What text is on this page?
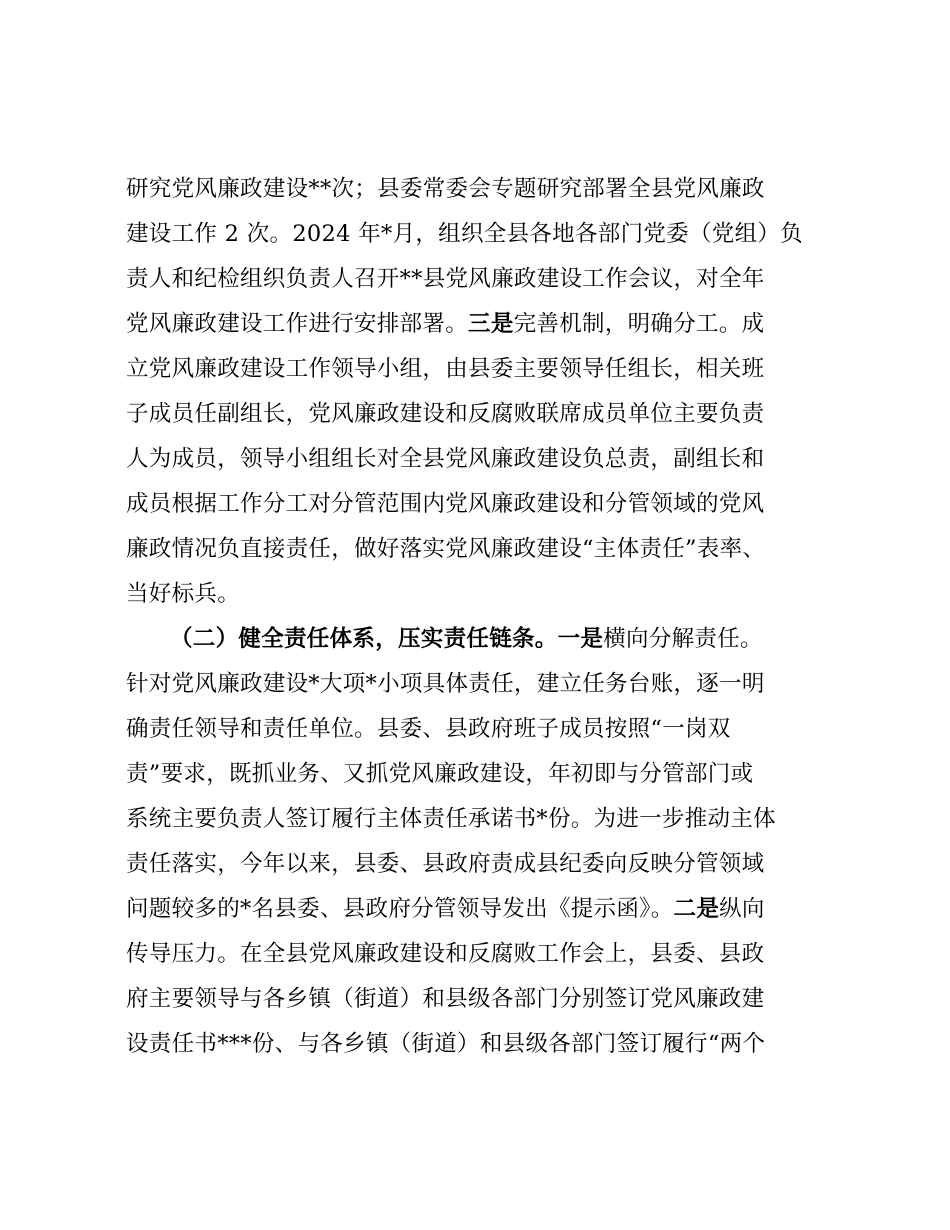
研究党风廉政建设**次；县委常委会专题研究部署全县党风廉政
建设工作 2 次。2024 年*月，组织全县各地各部门党委（党组）负
责人和纪检组织负责人召开**县党风廉政建设工作会议，对全年
党风廉政建设工作进行安排部署。三是完善机制，明确分工。成
立党风廉政建设工作领导小组，由县委主要领导任组长，相关班
子成员任副组长，党风廉政建设和反腐败联席成员单位主要负责
人为成员，领导小组组长对全县党风廉政建设负总责，副组长和
成员根据工作分工对分管范围内党风廉政建设和分管领域的党风
廉政情况负直接责任，做好落实党风廉政建设“主体责任”表率、
当好标兵。
（二）健全责任体系，压实责任链条。一是横向分解责任。
针对党风廉政建设*大项*小项具体责任，建立任务台账，逐一明
确责任领导和责任单位。县委、县政府班子成员按照“一岗双
责”要求，既抓业务、又抓党风廉政建设，年初即与分管部门或
系统主要负责人签订履行主体责任承诺书*份。为进一步推动主体
责任落实，今年以来，县委、县政府责成县纪委向反映分管领域
问题较多的*名县委、县政府分管领导发出《提示函》。二是纵向
传导压力。在全县党风廉政建设和反腐败工作会上，县委、县政
府主要领导与各乡镇（街道）和县级各部门分别签订党风廉政建
设责任书***份、与各乡镇（街道）和县级各部门签订履行“两个
